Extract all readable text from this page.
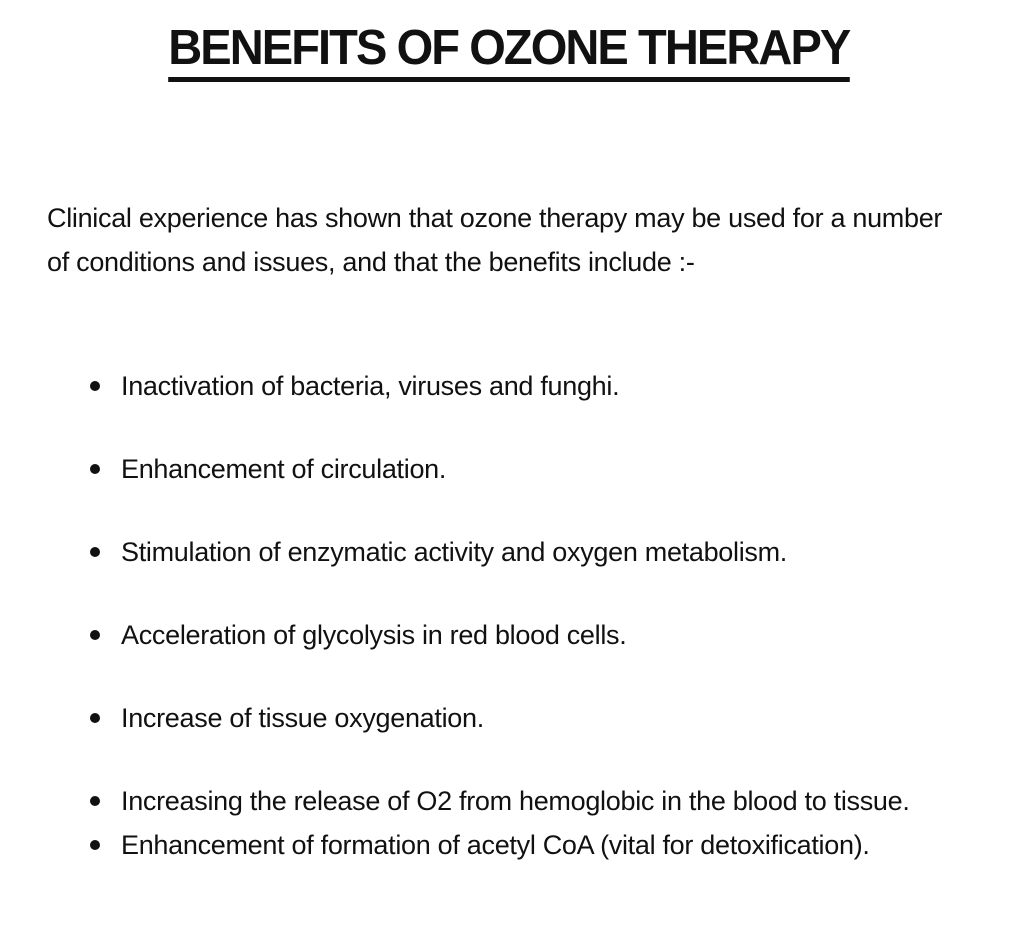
BENEFITS OF OZONE THERAPY

Clinical experience has shown that ozone therapy may be used for a number of conditions and issues, and that the benefits include :-

Inactivation of bacteria, viruses and funghi.
Enhancement of circulation.
Stimulation of enzymatic activity and oxygen metabolism.
Acceleration of glycolysis in red blood cells.
Increase of tissue oxygenation.
Increasing the release of O2 from hemoglobic in the blood to tissue.
Enhancement of formation of acetyl CoA (vital for detoxification).
